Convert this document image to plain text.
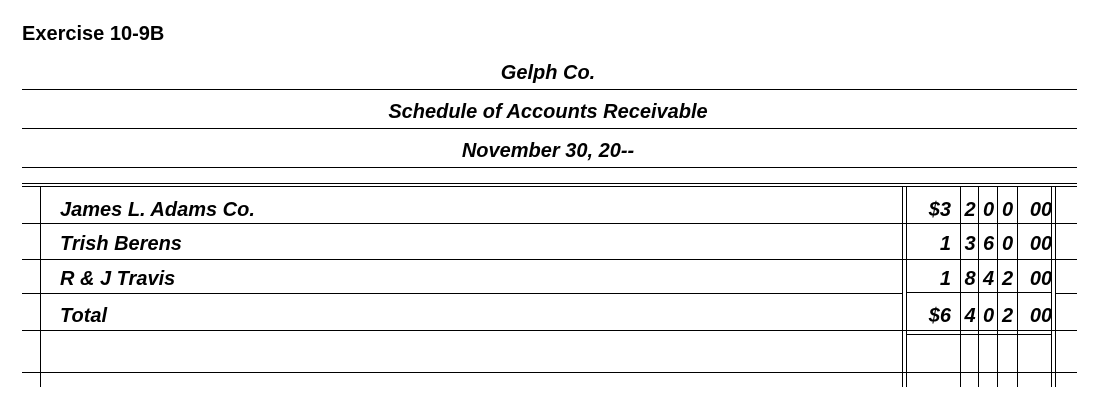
Exercise 10-9B
Gelph Co.
Schedule of Accounts Receivable
November 30, 20--
James L. Adams Co.	$3 2 0 0 00
Trish Berens	1 3 6 0 00
R & J Travis	1 8 4 2 00
Total	$6 4 0 2 00
